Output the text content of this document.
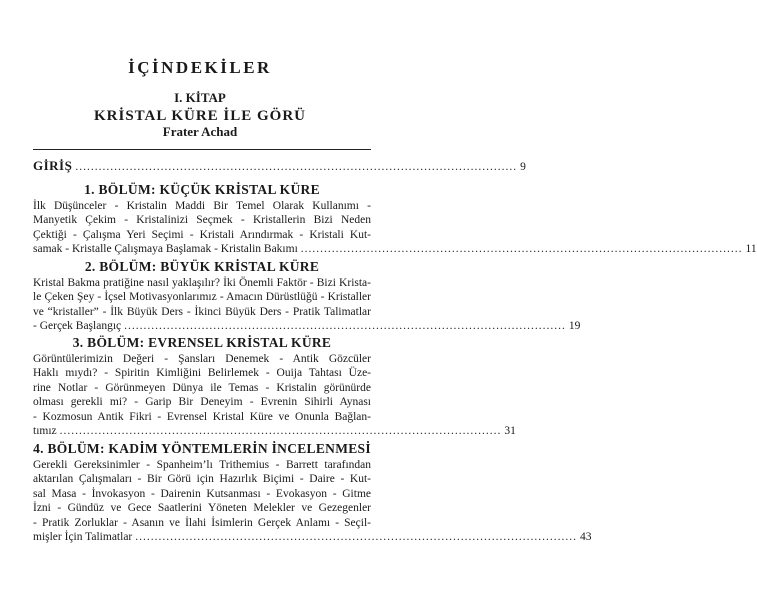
İÇİNDEKİLER
I. KİTAP
KRİSTAL KÜRE İLE GÖRÜ
Frater Achad
GİRİŞ .................................................................................................................. 9
1. BÖLÜM: KÜÇÜK KRİSTAL KÜRE
İlk Düşünceler - Kristalin Maddi Bir Temel Olarak Kullanımı -
Manyetik Çekim - Kristalinizi Seçmek - Kristallerin Bizi Neden
Çektiği - Çalışma Yeri Seçimi - Kristali Arındırmak - Kristali Kut-
samak - Kristalle Çalışmaya Başlamak - Kristalin Bakımı .................................................................................................................. 11
2. BÖLÜM: BÜYÜK KRİSTAL KÜRE
Kristal Bakma pratiğine nasıl yaklaşılır? İki Önemli Faktör - Bizi Krista-
le Çeken Şey - İçsel Motivasyonlarımız - Amacın Dürüstlüğü - Kristaller
ve “kristaller” - İlk Büyük Ders - İkinci Büyük Ders - Pratik Talimatlar
- Gerçek Başlangıç .................................................................................................................. 19
3. BÖLÜM: EVRENSEL KRİSTAL KÜRE
Görüntülerimizin Değeri - Şansları Denemek - Antik Gözcüler
Haklı mıydı? - Spiritin Kimliğini Belirlemek - Ouija Tahtası Üze-
rine Notlar - Görünmeyen Dünya ile Temas - Kristalin görünürde
olması gerekli mi? - Garip Bir Deneyim - Evrenin Sihirli Aynası
- Kozmosun Antik Fikri - Evrensel Kristal Küre ve Onunla Bağlan-
tımız .................................................................................................................. 31
4. BÖLÜM: KADİM YÖNTEMLERİN İNCELENMESİ
Gerekli Gereksinimler - Spanheim’lı Trithemius - Barrett tarafından
aktarılan Çalışmaları - Bir Görü için Hazırlık Biçimi - Daire - Kut-
sal Masa - İnvokasyon - Dairenin Kutsanması - Evokasyon - Gitme
İzni - Gündüz ve Gece Saatlerini Yöneten Melekler ve Gezegenler
- Pratik Zorluklar - Asanın ve İlahi İsimlerin Gerçek Anlamı - Seçil-
mişler İçin Talimatlar .................................................................................................................. 43
